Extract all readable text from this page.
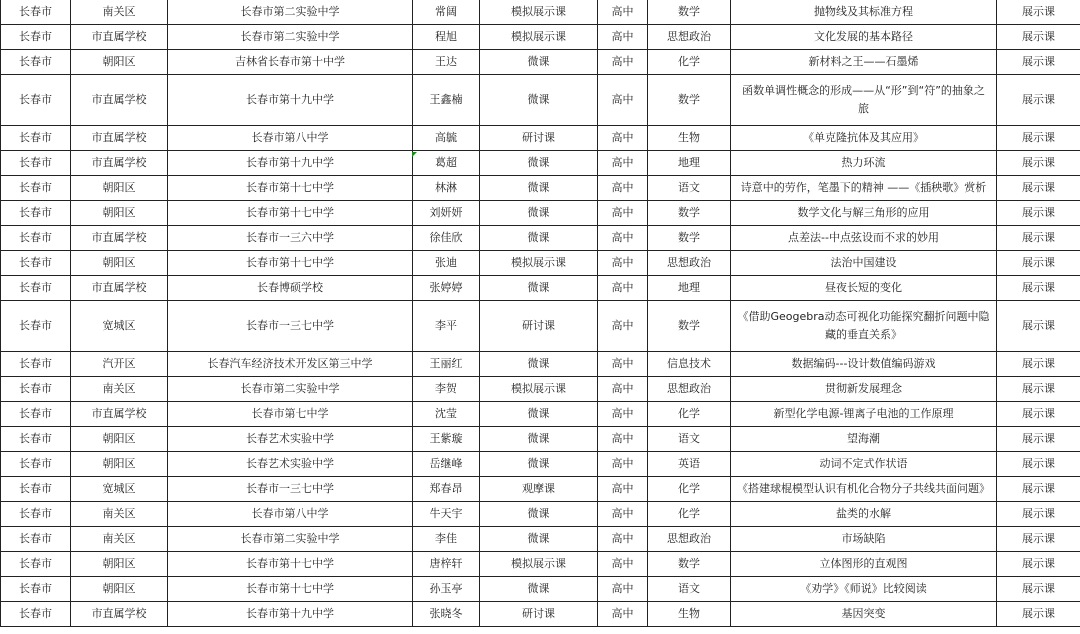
长春市	南关区	长春市第二实验中学	常阔	模拟展示课	高中	数学	抛物线及其标准方程	展示课
长春市	市直属学校	长春市第二实验中学	程旭	模拟展示课	高中	思想政治	文化发展的基本路径	展示课
长春市	朝阳区	吉林省长春市第十中学	王达	微课	高中	化学	新材料之王——石墨烯	展示课
长春市	市直属学校	长春市第十九中学	王鑫楠	微课	高中	数学	函数单调性概念的形成——从“形”到“符”的抽象之旅	展示课
长春市	市直属学校	长春市第八中学	高毓	研讨课	高中	生物	《单克隆抗体及其应用》	展示课
长春市	市直属学校	长春市第十九中学	葛超	微课	高中	地理	热力环流	展示课
长春市	朝阳区	长春市第十七中学	林淋	微课	高中	语文	诗意中的劳作，笔墨下的精神 ——《插秧歌》赏析	展示课
长春市	朝阳区	长春市第十七中学	刘妍妍	微课	高中	数学	数学文化与解三角形的应用	展示课
长春市	市直属学校	长春市一三六中学	徐佳欣	微课	高中	数学	点差法--中点弦设而不求的妙用	展示课
长春市	朝阳区	长春市第十七中学	张迪	模拟展示课	高中	思想政治	法治中国建设	展示课
长春市	市直属学校	长春博硕学校	张婷婷	微课	高中	地理	昼夜长短的变化	展示课
长春市	宽城区	长春市一三七中学	李平	研讨课	高中	数学	《借助Geogebra动态可视化功能探究翻折问题中隐藏的垂直关系》	展示课
长春市	汽开区	长春汽车经济技术开发区第三中学	王丽红	微课	高中	信息技术	数据编码---设计数值编码游戏	展示课
长春市	南关区	长春市第二实验中学	李贺	模拟展示课	高中	思想政治	贯彻新发展理念	展示课
长春市	市直属学校	长春市第七中学	沈莹	微课	高中	化学	新型化学电源-锂离子电池的工作原理	展示课
长春市	朝阳区	长春艺术实验中学	王紫璇	微课	高中	语文	望海潮	展示课
长春市	朝阳区	长春艺术实验中学	岳继峰	微课	高中	英语	动词不定式作状语	展示课
长春市	宽城区	长春市一三七中学	郑春昂	观摩课	高中	化学	《搭建球棍模型认识有机化合物分子共线共面问题》	展示课
长春市	南关区	长春市第八中学	牛天宇	微课	高中	化学	盐类的水解	展示课
长春市	南关区	长春市第二实验中学	李佳	微课	高中	思想政治	市场缺陷	展示课
长春市	朝阳区	长春市第十七中学	唐梓轩	模拟展示课	高中	数学	立体图形的直观图	展示课
长春市	朝阳区	长春市第十七中学	孙玉亭	微课	高中	语文	《劝学》《师说》比较阅读	展示课
长春市	市直属学校	长春市第十九中学	张晓冬	研讨课	高中	生物	基因突变	展示课
